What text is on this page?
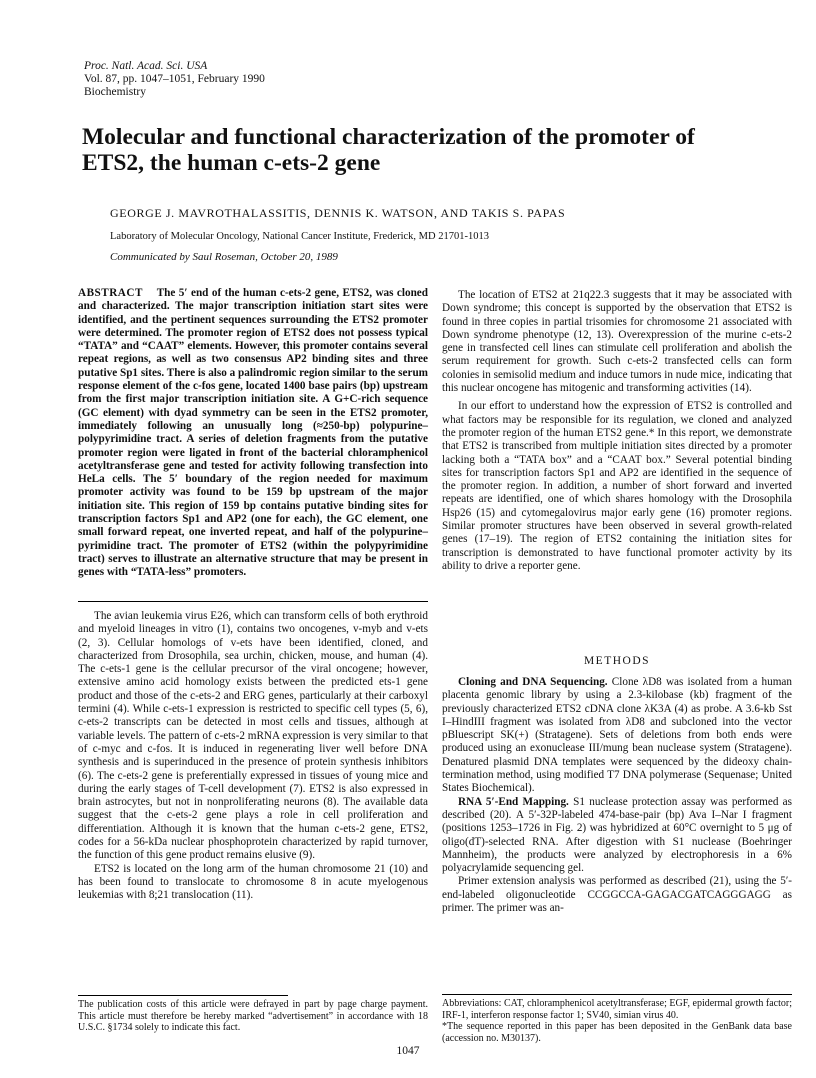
Proc. Natl. Acad. Sci. USA
Vol. 87, pp. 1047–1051, February 1990
Biochemistry
Molecular and functional characterization of the promoter of ETS2, the human c-ets-2 gene
GEORGE J. MAVROTHALASSITIS, DENNIS K. WATSON, AND TAKIS S. PAPAS
Laboratory of Molecular Oncology, National Cancer Institute, Frederick, MD 21701-1013
Communicated by Saul Roseman, October 20, 1989

ABSTRACT The 5′ end of the human c-ets-2 gene, ETS2, was cloned and characterized. The major transcription initiation start sites were identified, and the pertinent sequences surrounding the ETS2 promoter were determined. The promoter region of ETS2 does not possess typical “TATA” and “CAAT” elements. However, this promoter contains several repeat regions, as well as two consensus AP2 binding sites and three putative Sp1 sites. There is also a palindromic region similar to the serum response element of the c-fos gene, located 1400 base pairs (bp) upstream from the first major transcription initiation site. A G+C-rich sequence (GC element) with dyad symmetry can be seen in the ETS2 promoter, immediately following an unusually long (≈250-bp) polypurine–polypyrimidine tract. A series of deletion fragments from the putative promoter region were ligated in front of the bacterial chloramphenicol acetyltransferase gene and tested for activity following transfection into HeLa cells. The 5′ boundary of the region needed for maximum promoter activity was found to be 159 bp upstream of the major initiation site. This region of 159 bp contains putative binding sites for transcription factors Sp1 and AP2 (one for each), the GC element, one small forward repeat, one inverted repeat, and half of the polypurine–pyrimidine tract. The promoter of ETS2 (within the polypyrimidine tract) serves to illustrate an alternative structure that may be present in genes with “TATA-less” promoters.

The avian leukemia virus E26, which can transform cells of both erythroid and myeloid lineages in vitro (1), contains two oncogenes, v-myb and v-ets (2, 3). Cellular homologs of v-ets have been identified, cloned, and characterized from Drosophila, sea urchin, chicken, mouse, and human (4). The c-ets-1 gene is the cellular precursor of the viral oncogene; however, extensive amino acid homology exists between the predicted ets-1 gene product and those of the c-ets-2 and ERG genes, particularly at their carboxyl termini (4). While c-ets-1 expression is restricted to specific cell types (5, 6), c-ets-2 transcripts can be detected in most cells and tissues, although at variable levels. The pattern of c-ets-2 mRNA expression is very similar to that of c-myc and c-fos. It is induced in regenerating liver well before DNA synthesis and is superinduced in the presence of protein synthesis inhibitors (6). The c-ets-2 gene is preferentially expressed in tissues of young mice and during the early stages of T-cell development (7). ETS2 is also expressed in brain astrocytes, but not in nonproliferating neurons (8). The available data suggest that the c-ets-2 gene plays a role in cell proliferation and differentiation. Although it is known that the human c-ets-2 gene, ETS2, codes for a 56-kDa nuclear phosphoprotein characterized by rapid turnover, the function of this gene product remains elusive (9).

ETS2 is located on the long arm of the human chromosome 21 (10) and has been found to translocate to chromosome 8 in acute myelogenous leukemias with 8;21 translocation (11).

The publication costs of this article were defrayed in part by page charge payment. This article must therefore be hereby marked “advertisement” in accordance with 18 U.S.C. §1734 solely to indicate this fact.

The location of ETS2 at 21q22.3 suggests that it may be associated with Down syndrome; this concept is supported by the observation that ETS2 is found in three copies in partial trisomies for chromosome 21 associated with Down syndrome phenotype (12, 13). Overexpression of the murine c-ets-2 gene in transfected cell lines can stimulate cell proliferation and abolish the serum requirement for growth. Such c-ets-2 transfected cells can form colonies in semisolid medium and induce tumors in nude mice, indicating that this nuclear oncogene has mitogenic and transforming activities (14).

In our effort to understand how the expression of ETS2 is controlled and what factors may be responsible for its regulation, we cloned and analyzed the promoter region of the human ETS2 gene.* In this report, we demonstrate that ETS2 is transcribed from multiple initiation sites directed by a promoter lacking both a “TATA box” and a “CAAT box.” Several potential binding sites for transcription factors Sp1 and AP2 are identified in the sequence of the promoter region. In addition, a number of short forward and inverted repeats are identified, one of which shares homology with the Drosophila Hsp26 (15) and cytomegalovirus major early gene (16) promoter regions. Similar promoter structures have been observed in several growth-related genes (17–19). The region of ETS2 containing the initiation sites for transcription is demonstrated to have functional promoter activity by its ability to drive a reporter gene.

METHODS

Cloning and DNA Sequencing. Clone λD8 was isolated from a human placenta genomic library by using a 2.3-kilobase (kb) fragment of the previously characterized ETS2 cDNA clone λK3A (4) as probe. A 3.6-kb Sst I–HindIII fragment was isolated from λD8 and subcloned into the vector pBluescript SK(+) (Stratagene). Sets of deletions from both ends were produced using an exonuclease III/mung bean nuclease system (Stratagene). Denatured plasmid DNA templates were sequenced by the dideoxy chain-termination method, using modified T7 DNA polymerase (Sequenase; United States Biochemical).

RNA 5′-End Mapping. S1 nuclease protection assay was performed as described (20). A 5′-32P-labeled 474-base-pair (bp) Ava I–Nar I fragment (positions 1253–1726 in Fig. 2) was hybridized at 60°C overnight to 5 μg of oligo(dT)-selected RNA. After digestion with S1 nuclease (Boehringer Mannheim), the products were analyzed by electrophoresis in a 6% polyacrylamide sequencing gel.

Primer extension analysis was performed as described (21), using the 5′-end-labeled oligonucleotide CCGGCCA-GAGACGATCAGGGAGG as primer. The primer was an-

Abbreviations: CAT, chloramphenicol acetyltransferase; EGF, epidermal growth factor; IRF-1, interferon response factor 1; SV40, simian virus 40.
*The sequence reported in this paper has been deposited in the GenBank data base (accession no. M30137).
1047
